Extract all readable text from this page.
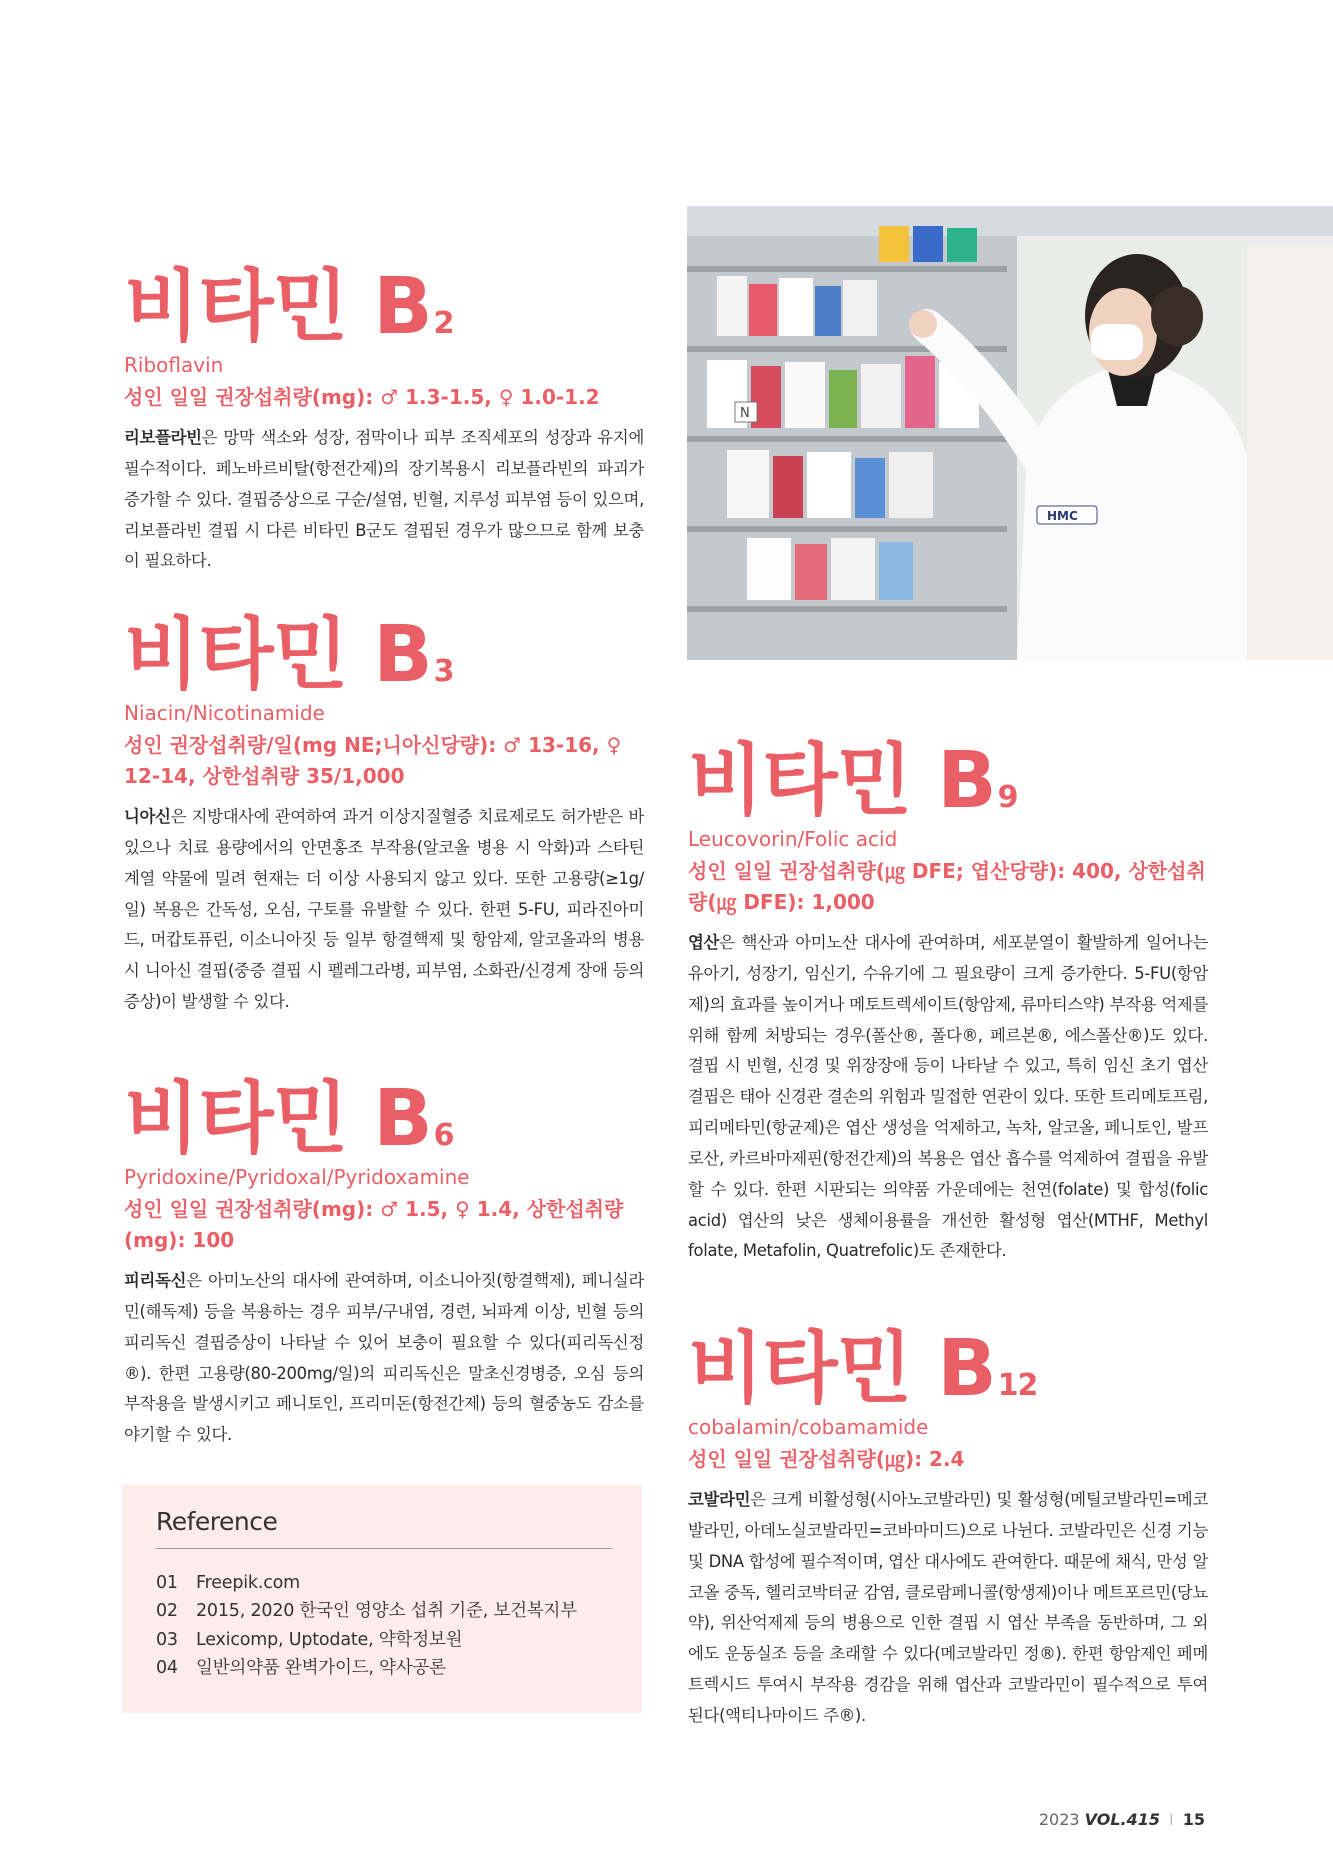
비타민 B2
Riboflavin
성인 일일 권장섭취량(mg): ♂ 1.3-1.5, ♀ 1.0-1.2

리보플라빈은 망막 색소와 성장, 점막이나 피부 조직세포의 성장과 유지에 필수적이다. 페노바르비탈(항전간제)의 장기복용시 리보플라빈의 파괴가 증가할 수 있다. 결핍증상으로 구순/설염, 빈혈, 지루성 피부염 등이 있으며, 리보플라빈 결핍 시 다른 비타민 B군도 결핍된 경우가 많으므로 함께 보충이 필요하다.

비타민 B3
Niacin/Nicotinamide
성인 권장섭취량/일(mg NE;니아신당량): ♂ 13-16, ♀ 12-14, 상한섭취량 35/1,000

니아신은 지방대사에 관여하여 과거 이상지질혈증 치료제로도 허가받은 바 있으나 치료 용량에서의 안면홍조 부작용(알코올 병용 시 악화)과 스타틴 계열 약물에 밀려 현재는 더 이상 사용되지 않고 있다. 또한 고용량(≥1g/일) 복용은 간독성, 오심, 구토를 유발할 수 있다. 한편 5-FU, 피라진아미드, 머캅토퓨린, 이소니아짓 등 일부 항결핵제 및 항암제, 알코올과의 병용 시 니아신 결핍(중증 결핍 시 펠레그라병, 피부염, 소화관/신경계 장애 등의 증상)이 발생할 수 있다.

비타민 B6
Pyridoxine/Pyridoxal/Pyridoxamine
성인 일일 권장섭취량(mg): ♂ 1.5, ♀ 1.4, 상한섭취량(mg): 100

피리독신은 아미노산의 대사에 관여하며, 이소니아짓(항결핵제), 페니실라민(해독제) 등을 복용하는 경우 피부/구내염, 경련, 뇌파계 이상, 빈혈 등의 피리독신 결핍증상이 나타날 수 있어 보충이 필요할 수 있다(피리독신정®). 한편 고용량(80-200mg/일)의 피리독신은 말초신경병증, 오심 등의 부작용을 발생시키고 페니토인, 프리미돈(항전간제) 등의 혈중농도 감소를 야기할 수 있다.

Reference
01	Freepik.com
02	2015, 2020 한국인 영양소 섭취 기준, 보건복지부
03	Lexicomp, Uptodate, 약학정보원
04	일반의약품 완벽가이드, 약사공론
N
HMC
비타민 B9
Leucovorin/Folic acid
성인 일일 권장섭취량(㎍ DFE; 엽산당량): 400, 상한섭취량(㎍ DFE): 1,000

엽산은 핵산과 아미노산 대사에 관여하며, 세포분열이 활발하게 일어나는 유아기, 성장기, 임신기, 수유기에 그 필요량이 크게 증가한다. 5-FU(항암제)의 효과를 높이거나 메토트렉세이트(항암제, 류마티스약) 부작용 억제를 위해 함께 처방되는 경우(폴산®, 폴다®, 페르본®, 에스폴산®)도 있다. 결핍 시 빈혈, 신경 및 위장장애 등이 나타날 수 있고, 특히 임신 초기 엽산 결핍은 태아 신경관 결손의 위험과 밀접한 연관이 있다. 또한 트리메토프림, 피리메타민(항균제)은 엽산 생성을 억제하고, 녹차, 알코올, 페니토인, 발프로산, 카르바마제핀(항전간제)의 복용은 엽산 흡수를 억제하여 결핍을 유발할 수 있다. 한편 시판되는 의약품 가운데에는 천연(folate) 및 합성(folic acid) 엽산의 낮은 생체이용률을 개선한 활성형 엽산(MTHF, Methyl folate, Metafolin, Quatrefolic)도 존재한다.

비타민 B12
cobalamin/cobamamide
성인 일일 권장섭취량(㎍): 2.4

코발라민은 크게 비활성형(시아노코발라민) 및 활성형(메틸코발라민=메코발라민, 아데노실코발라민=코바마미드)으로 나뉜다. 코발라민은 신경 기능 및 DNA 합성에 필수적이며, 엽산 대사에도 관여한다. 때문에 채식, 만성 알코올 중독, 헬리코박터균 감염, 클로람페니콜(항생제)이나 메트포르민(당뇨약), 위산억제제 등의 병용으로 인한 결핍 시 엽산 부족을 동반하며, 그 외에도 운동실조 등을 초래할 수 있다(메코발라민 정®). 한편 항암제인 페메트렉시드 투여시 부작용 경감을 위해 엽산과 코발라민이 필수적으로 투여된다(액티나마이드 주®).

2023 VOL.415 I 15
